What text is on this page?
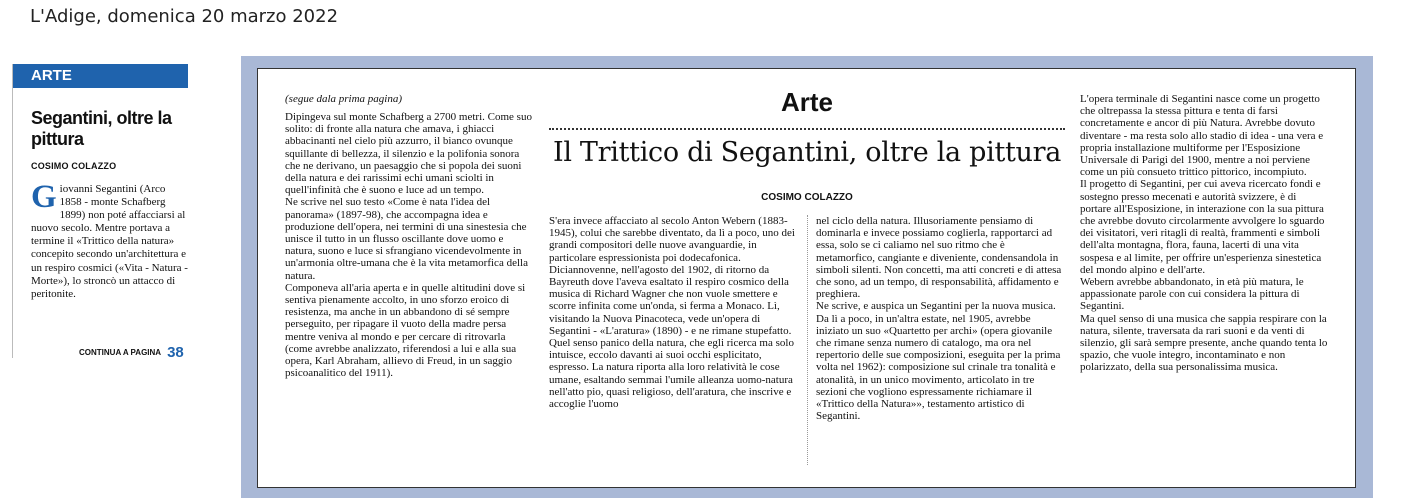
L'Adige, domenica 20 marzo 2022
ARTE
Segantini, oltre la pittura
COSIMO COLAZZO
G iovanni Segantini (Arco 1858 - monte Schafberg 1899) non poté affacciarsi al nuovo secolo. Mentre portava a termine il «Trittico della natura» concepito secondo un'architettura e un respiro cosmici («Vita - Natura - Morte»), lo stroncò un attacco di peritonite.
CONTINUA A PAGINA 38
(segue dala prima pagina)

Dipingeva sul monte Schafberg a 2700 metri. Come suo solito: di fronte alla natura che amava, i ghiacci abbacinanti nel cielo più azzurro, il bianco ovunque squillante di bellezza, il silenzio e la polifonia sonora che ne derivano, un paesaggio che si popola dei suoni della natura e dei rarissimi echi umani sciolti in quell'infinità che è suono e luce ad un tempo.

Ne scrive nel suo testo «Come è nata l'idea del panorama» (1897-98), che accompagna idea e produzione dell'opera, nei termini di una sinestesia che unisce il tutto in un flusso oscillante dove uomo e natura, suono e luce si sfrangiano vicendevolmente in un'armonia oltre-umana che è la vita metamorfica della natura.

Componeva all'aria aperta e in quelle altitudini dove si sentiva pienamente accolto, in uno sforzo eroico di resistenza, ma anche in un abbandono di sé sempre perseguito, per ripagare il vuoto della madre persa mentre veniva al mondo e per cercare di ritrovarla (come avrebbe analizzato, riferendosi a lui e alla sua opera, Karl Abraham, allievo di Freud, in un saggio psicoanalitico del 1911).

Arte
Il Trittico di Segantini, oltre la pittura
COSIMO COLAZZO

S'era invece affacciato al secolo Anton Webern (1883-1945), colui che sarebbe diventato, da lì a poco, uno dei grandi compositori delle nuove avanguardie, in particolare espressionista poi dodecafonica. Diciannovenne, nell'agosto del 1902, di ritorno da Bayreuth dove l'aveva esaltato il respiro cosmico della musica di Richard Wagner che non vuole smettere e scorre infinita come un'onda, si ferma a Monaco. Lì, visitando la Nuova Pinacoteca, vede un'opera di Segantini - «L'aratura» (1890) - e ne rimane stupefatto. Quel senso panico della natura, che egli ricerca ma solo intuisce, eccolo davanti ai suoi occhi esplicitato, espresso. La natura riporta alla loro relatività le cose umane, esaltando semmai l'umile alleanza uomo-natura nell'atto pio, quasi religioso, dell'aratura, che inscrive e accoglie l'uomo

nel ciclo della natura. Illusoriamente pensiamo di dominarla e invece possiamo coglierla, rapportarci ad essa, solo se ci caliamo nel suo ritmo che è metamorfico, cangiante e diveniente, condensandola in simboli silenti. Non concetti, ma atti concreti e di attesa che sono, ad un tempo, di responsabilità, affidamento e preghiera.

Ne scrive, e auspica un Segantini per la nuova musica. Da lì a poco, in un'altra estate, nel 1905, avrebbe iniziato un suo «Quartetto per archi» (opera giovanile che rimane senza numero di catalogo, ma ora nel repertorio delle sue composizioni, eseguita per la prima volta nel 1962): composizione sul crinale tra tonalità e atonalità, in un unico movimento, articolato in tre sezioni che vogliono espressamente richiamare il «Trittico della Natura»», testamento artistico di Segantini.

L'opera terminale di Segantini nasce come un progetto che oltrepassa la stessa pittura e tenta di farsi concretamente e ancor di più Natura. Avrebbe dovuto diventare - ma resta solo allo stadio di idea - una vera e propria installazione multiforme per l'Esposizione Universale di Parigi del 1900, mentre a noi perviene come un più consueto trittico pittorico, incompiuto.

Il progetto di Segantini, per cui aveva ricercato fondi e sostegno presso mecenati e autorità svizzere, è di portare all'Esposizione, in interazione con la sua pittura che avrebbe dovuto circolarmente avvolgere lo sguardo dei visitatori, veri ritagli di realtà, frammenti e simboli dell'alta montagna, flora, fauna, lacerti di una vita sospesa e al limite, per offrire un'esperienza sinestetica del mondo alpino e dell'arte.

Webern avrebbe abbandonato, in età più matura, le appassionate parole con cui considera la pittura di Segantini.

Ma quel senso di una musica che sappia respirare con la natura, silente, traversata da rari suoni e da venti di silenzio, gli sarà sempre presente, anche quando tenta lo spazio, che vuole integro, incontaminato e non polarizzato, della sua personalissima musica.
